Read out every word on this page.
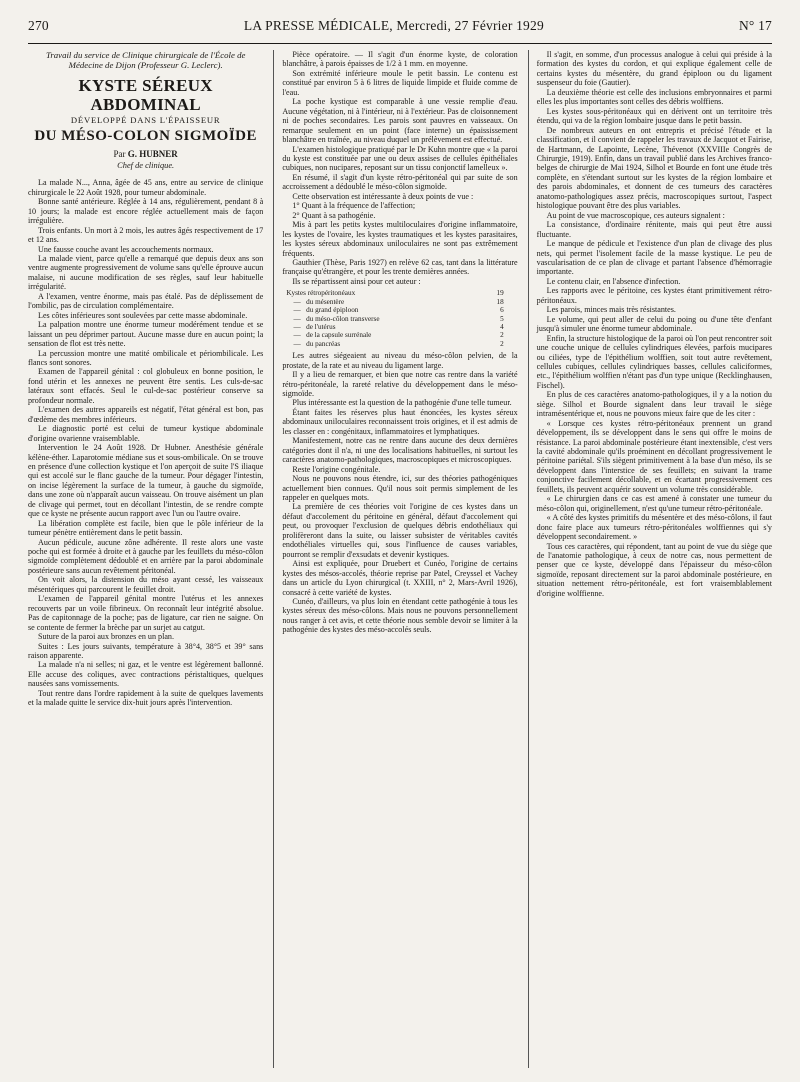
270	LA PRESSE MÉDICALE, Mercredi, 27 Février 1929	N° 17
Travail du service de Clinique chirurgicale de l'École de Médecine de Dijon (Professeur G. Leclerc).
KYSTE SÉREUX ABDOMINAL
DÉVELOPPÉ DANS L'ÉPAISSEUR
DU MÉSO-COLON SIGMOÏDE
Par G. HUBNER
Chef de clinique.

La malade N..., Anna, âgée de 45 ans, entre au service de clinique chirurgicale le 22 Août 1928, pour tumeur abdominale.

Bonne santé antérieure. Réglée à 14 ans, régulièrement, pendant 8 à 10 jours; la malade est encore réglée actuellement mais de façon irrégulière.

Trois enfants. Un mort à 2 mois, les autres âgés respectivement de 17 et 12 ans.

Une fausse couche avant les accouchements normaux.

La malade vient, parce qu'elle a remarqué que depuis deux ans son ventre augmente progressivement de volume sans qu'elle éprouve aucun malaise, ni aucune modification de ses règles, sauf leur habituelle irrégularité.

A l'examen, ventre énorme, mais pas étalé. Pas de déplissement de l'ombilic, pas de circulation complémentaire.

Les côtes inférieures sont soulevées par cette masse abdominale.

La palpation montre une énorme tumeur modérément tendue et se laissant un peu déprimer partout. Aucune masse dure en aucun point; la sensation de flot est très nette.

La percussion montre une matité ombilicale et périombilicale. Les flancs sont sonores.

Examen de l'appareil génital : col globuleux en bonne position, le fond utérin et les annexes ne peuvent être sentis. Les culs-de-sac latéraux sont effacés. Seul le cul-de-sac postérieur conserve sa profondeur normale.

L'examen des autres appareils est négatif, l'état général est bon, pas d'œdème des membres inférieurs.

Le diagnostic porté est celui de tumeur kystique abdominale d'origine ovarienne vraisemblable.

Intervention le 24 Août 1928. Dr Hubner. Anesthésie générale kélène-éther. Laparotomie médiane sus et sous-ombilicale. On se trouve en présence d'une collection kystique et l'on aperçoit de suite l'S iliaque qui est accolé sur le flanc gauche de la tumeur. Pour dégager l'intestin, on incise légèrement la surface de la tumeur, à gauche du sigmoïde, dans une zone où n'apparaît aucun vaisseau. On trouve aisément un plan de clivage qui permet, tout en décollant l'intestin, de se rendre compte que ce kyste ne présente aucun rapport avec l'un ou l'autre ovaire.

La libération complète est facile, bien que le pôle inférieur de la tumeur pénètre entièrement dans le petit bassin.

Aucun pédicule, aucune zône adhérente. Il reste alors une vaste poche qui est formée à droite et à gauche par les feuillets du méso-côlon sigmoïde complètement dédoublé et en arrière par la paroi abdominale postérieure sans aucun revêtement péritonéal.

On voit alors, la distension du méso ayant cessé, les vaisseaux mésentériques qui parcourent le feuillet droit.

L'examen de l'appareil génital montre l'utérus et les annexes recouverts par un voile fibrineux. On reconnaît leur intégrité absolue. Pas de capitonnage de la poche; pas de ligature, car rien ne saigne. On se contente de fermer la brèche par un surjet au catgut.

Suture de la paroi aux bronzes en un plan.

Suites : Les jours suivants, température à 38°4, 38°5 et 39° sans raison apparente.

La malade n'a ni selles; ni gaz, et le ventre est légèrement ballonné. Elle accuse des coliques, avec contractions péristaltiques, quelques nausées sans vomissements.

Tout rentre dans l'ordre rapidement à la suite de quelques lavements et la malade quitte le service dix-huit jours après l'intervention.

Pièce opératoire. — Il s'agit d'un énorme kyste, de coloration blanchâtre, à parois épaisses de 1/2 à 1 mm. en moyenne.

Son extrémité inférieure moule le petit bassin. Le contenu est constitué par environ 5 à 6 litres de liquide limpide et fluide comme de l'eau.

La poche kystique est comparable à une vessie remplie d'eau. Aucune végétation, ni à l'intérieur, ni à l'extérieur. Pas de cloisonnement ni de poches secondaires. Les parois sont pauvres en vaisseaux. On remarque seulement en un point (face interne) un épaississement blanchâtre en traînée, au niveau duquel un prélèvement est effectué.

L'examen histologique pratiqué par le Dr Kuhn montre que « la paroi du kyste est constituée par une ou deux assises de cellules épithéliales cubiques, non nucipares, reposant sur un tissu conjonctif lamelleux ».

En résumé, il s'agit d'un kyste rétro-péritonéal qui par suite de son accroissement a dédoublé le méso-côlon sigmoïde.

Cette observation est intéressante à deux points de vue :

1° Quant à la fréquence de l'affection;

2° Quant à sa pathogénie.

Mis à part les petits kystes multiloculaires d'origine inflammatoire, les kystes de l'ovaire, les kystes traumatiques et les kystes parasitaires, les kystes séreux abdominaux uniloculaires ne sont pas extrêmement fréquents.

Gauthier (Thèse, Paris 1927) en relève 62 cas, tant dans la littérature française qu'étrangère, et pour les trente dernières années.

Ils se répartissent ainsi pour cet auteur :

Kystes rétropéritonéaux	19
—   du mésentère	18
—   du grand épiploon	6
—   du méso-côlon transverse	5
—   de l'utérus	4
—   de la capsule surrénale	2
—   du pancréas	2

Les autres siégeaient au niveau du méso-côlon pelvien, de la prostate, de la rate et au niveau du ligament large.

Il y a lieu de remarquer, et bien que notre cas rentre dans la variété rétro-péritonéale, la rareté relative du développement dans le méso-sigmoïde.

Plus intéressante est la question de la pathogénie d'une telle tumeur.

Étant faites les réserves plus haut énoncées, les kystes séreux abdominaux uniloculaires reconnaissent trois origines, et il est admis de les classer en : congénitaux, inflammatoires et lymphatiques.

Manifestement, notre cas ne rentre dans aucune des deux dernières catégories dont il n'a, ni une des localisations habituelles, ni surtout les caractères anatomo-pathologiques, macroscopiques et microscopiques.

Reste l'origine congénitale.

Nous ne pouvons nous étendre, ici, sur des théories pathogéniques actuellement bien connues. Qu'il nous soit permis simplement de les rappeler en quelques mots.

La première de ces théories voit l'origine de ces kystes dans un défaut d'accolement du péritoine en général, défaut d'accolement qui peut, ou provoquer l'exclusion de quelques débris endothéliaux qui prolifèreront dans la suite, ou laisser subsister de véritables cavités endothéliales virtuelles qui, sous l'influence de causes variables, pourront se remplir d'exsudats et devenir kystiques.

Ainsi est expliquée, pour Druebert et Cunéo, l'origine de certains kystes des mésos-accolés, théorie reprise par Patel, Creyssel et Vachey dans un article du Lyon chirurgical (t. XXIII, n° 2, Mars-Avril 1926), consacré à cette variété de kystes.

Cunéo, d'ailleurs, va plus loin en étendant cette pathogénie à tous les kystes séreux des méso-côlons. Mais nous ne pouvons personnellement nous ranger à cet avis, et cette théorie nous semble devoir se limiter à la pathogénie des kystes des méso-accolés seuls.

Il s'agit, en somme, d'un processus analogue à celui qui préside à la formation des kystes du cordon, et qui explique également celle de certains kystes du mésentère, du grand épiploon ou du ligament suspenseur du foie (Gautier).

La deuxième théorie est celle des inclusions embryonnaires et parmi elles les plus importantes sont celles des débris wolffiens.

Les kystes sous-péritonéaux qui en dérivent ont un territoire très étendu, qui va de la région lombaire jusque dans le petit bassin.

De nombreux auteurs en ont entrepris et précisé l'étude et la classification, et il convient de rappeler les travaux de Jacquot et Fairise, de Hartmann, de Lapointe, Lecène, Thévenot (XXVIIIe Congrès de Chirurgie, 1919). Enfin, dans un travail publié dans les Archives franco-belges de chirurgie de Mai 1924, Silhol et Bourde en font une étude très complète, en s'étendant surtout sur les kystes de la région lombaire et des parois abdominales, et donnent de ces tumeurs des caractères anatomo-pathologiques assez précis, macroscopiques surtout, l'aspect histologique pouvant être des plus variables.

Au point de vue macroscopique, ces auteurs signalent :

La consistance, d'ordinaire rénitente, mais qui peut être aussi fluctuante.

Le manque de pédicule et l'existence d'un plan de clivage des plus nets, qui permet l'isolement facile de la masse kystique. Le peu de vascularisation de ce plan de clivage et partant l'absence d'hémorragie importante.

Le contenu clair, en l'absence d'infection.

Les rapports avec le péritoine, ces kystes étant primitivement rétro-péritonéaux.

Les parois, minces mais très résistantes.

Le volume, qui peut aller de celui du poing ou d'une tête d'enfant jusqu'à simuler une énorme tumeur abdominale.

Enfin, la structure histologique de la paroi où l'on peut rencontrer soit une couche unique de cellules cylindriques élevées, parfois mucipares ou ciliées, type de l'épithélium wolffien, soit tout autre revêtement, cellules cubiques, cellules cylindriques basses, cellules caliciformes, etc., l'épithélium wolffien n'étant pas d'un type unique (Recklinghausen, Fischel).

En plus de ces caractères anatomo-pathologiques, il y a la notion du siège. Silhol et Bourde signalent dans leur travail le siège intramésentérique et, nous ne pouvons mieux faire que de les citer :

« Lorsque ces kystes rétro-péritonéaux prennent un grand développement, ils se développent dans le sens qui offre le moins de résistance. La paroi abdominale postérieure étant inextensible, c'est vers la cavité abdominale qu'ils proéminent en décollant progressivement le péritoine pariétal. S'ils siègent primitivement à la base d'un méso, ils se développent dans l'interstice de ses feuillets; en suivant la trame conjonctive facilement décollable, et en écartant progressivement ces feuillets, ils peuvent acquérir souvent un volume très considérable.

« Le chirurgien dans ce cas est amené à constater une tumeur du méso-côlon qui, originellement, n'est qu'une tumeur rétro-péritonéale.

« A côté des kystes primitifs du mésentère et des méso-côlons, il faut donc faire place aux tumeurs rétro-péritonéales wolffiennes qui s'y développent secondairement. »

Tous ces caractères, qui répondent, tant au point de vue du siège que de l'anatomie pathologique, à ceux de notre cas, nous permettent de penser que ce kyste, développé dans l'épaisseur du méso-côlon sigmoïde, reposant directement sur la paroi abdominale postérieure, en situation nettement rétro-péritonéale, est fort vraisemblablement d'origine wolffienne.
